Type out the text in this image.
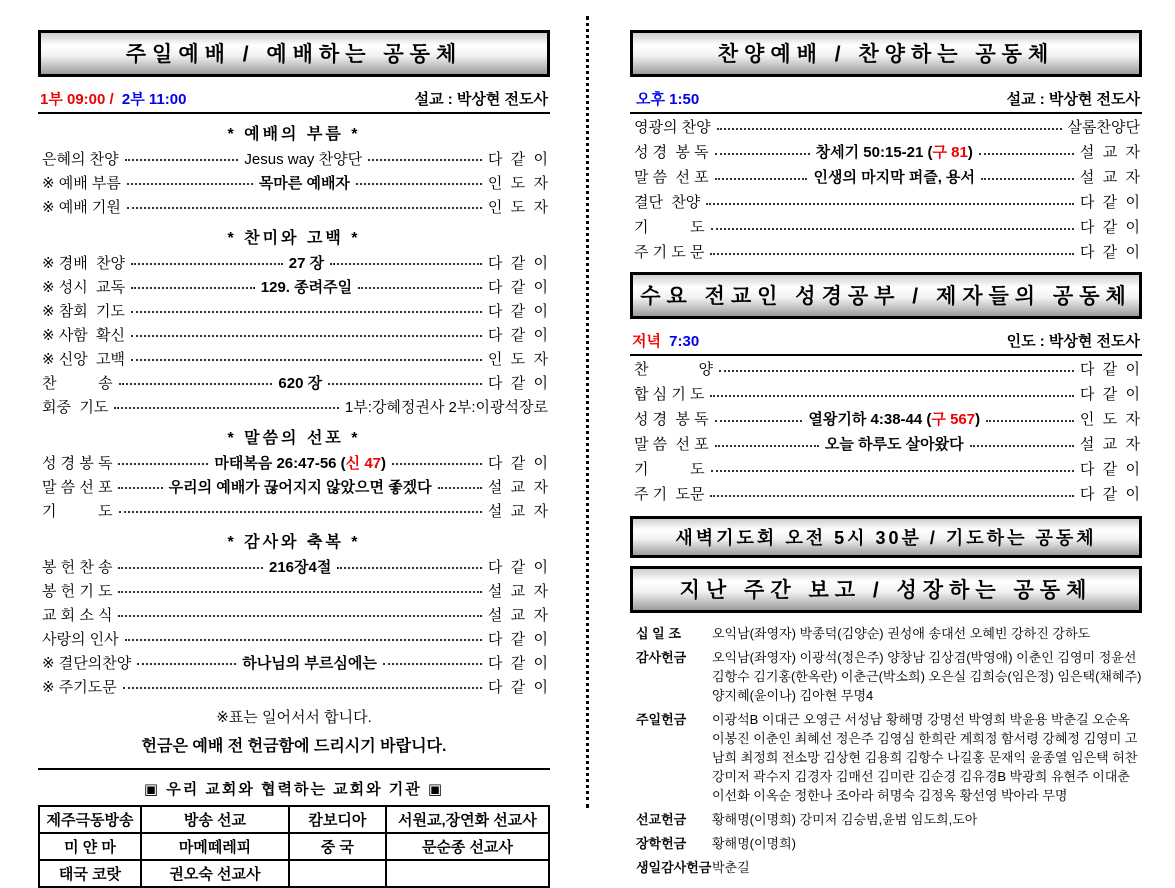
주일예배 / 예배하는 공동체
1부 09:00 / 2부 11:00	설교 : 박상현 전도사
* 예배의 부름 *
은혜의 찬양	Jesus way 찬양단	다  같  이
※ 예배 부름	목마른 예배자	인  도  자
※ 예배 기원	인  도  자
* 찬미와 고백 *
※ 경배  찬양	27 장	다  같  이
※ 성시  교독	129. 종려주일	다  같  이
※ 참회  기도	다  같  이
※ 사함  확신	다  같  이
※ 신앙  고백	인  도  자
찬          송	620 장	다  같  이
회중  기도	1부:강혜정권사 2부:이광석장로
* 말씀의 선포 *
성 경 봉 독	마태복음 26:47-56 (신 47)	다  같  이
말 씀 선 포	우리의 예배가 끊어지지 않았으면 좋겠다	설  교  자
기          도	설  교  자
* 감사와 축복 *
봉 헌 찬 송	216장4절	다  같  이
봉 헌 기 도	설  교  자
교 회 소 식	설  교  자
사랑의 인사	다  같  이
※ 결단의찬양	하나님의 부르심에는	다  같  이
※ 주기도문	다  같  이
※표는 일어서서 합니다.
헌금은 예배 전 헌금함에 드리시기 바랍니다.
▣ 우리 교회와 협력하는 교회와 기관 ▣
제주극동방송	방송 선교	캄보디아	서원교,장연화 선교사
미 얀 마	마메떼레피	중 국	문순종 선교사
태국 코랏	권오숙 선교사		
찬양예배 / 찬양하는 공동체
오후 1:50	설교 : 박상현 전도사
영광의 찬양	살롬찬양단
성 경  봉 독	창세기 50:15-21 (구 81)	설  교  자
말 씀  선 포	인생의 마지막 퍼즐, 용서	설  교  자
결단  찬양	다  같  이
기          도	다  같  이
주 기 도 문	다  같  이
수요 전교인 성경공부 / 제자들의 공동체
저녁 7:30	인도 : 박상현 전도사
찬            양	다  같  이
합 심 기 도	다  같  이
성 경  봉 독	열왕기하 4:38-44 (구 567)	인  도  자
말 씀  선 포	오늘 하루도 살아왔다	설  교  자
기          도	다  같  이
주 기  도문	다  같  이
새벽기도회 오전 5시 30분 / 기도하는 공동체
지난 주간 보고 / 성장하는 공동체
십 일 조	오익남(좌영자) 박종덕(김양순) 권성애 송대선 오혜빈 강하진 강하도
감사헌금	오익남(좌영자) 이광석(정은주) 양창남 김상겸(박영애) 이춘인 김영미 정윤선 김항수 김기홍(한옥란) 이춘근(박소희) 오은실 김희승(임은정) 임은택(채혜주) 양지혜(윤이나) 김아현 무명4
주일헌금	이광석B 이대근 오영근 서성남 황해명 강명선 박영희 박윤용 박춘길 오순옥 이봉진 이춘인 최혜선 정은주 김영심 한희란 계희정 함서령 강혜정 김영미 고남희 최정희 전소망 김상현 김용희 김항수 나길홍 문재익 윤종열 임은택 허찬 강미저 곽수지 김경자 김매선 김미란 김순경 김유경B 박광희 유현주 이대춘 이선화 이옥순 정한나 조아라 허명숙 김정옥 황선영 박아라 무명
선교헌금	황해명(이명희) 강미저 김승범,윤범 임도희,도아
장학헌금	황해명(이명희)
생일감사헌금 박춘길
